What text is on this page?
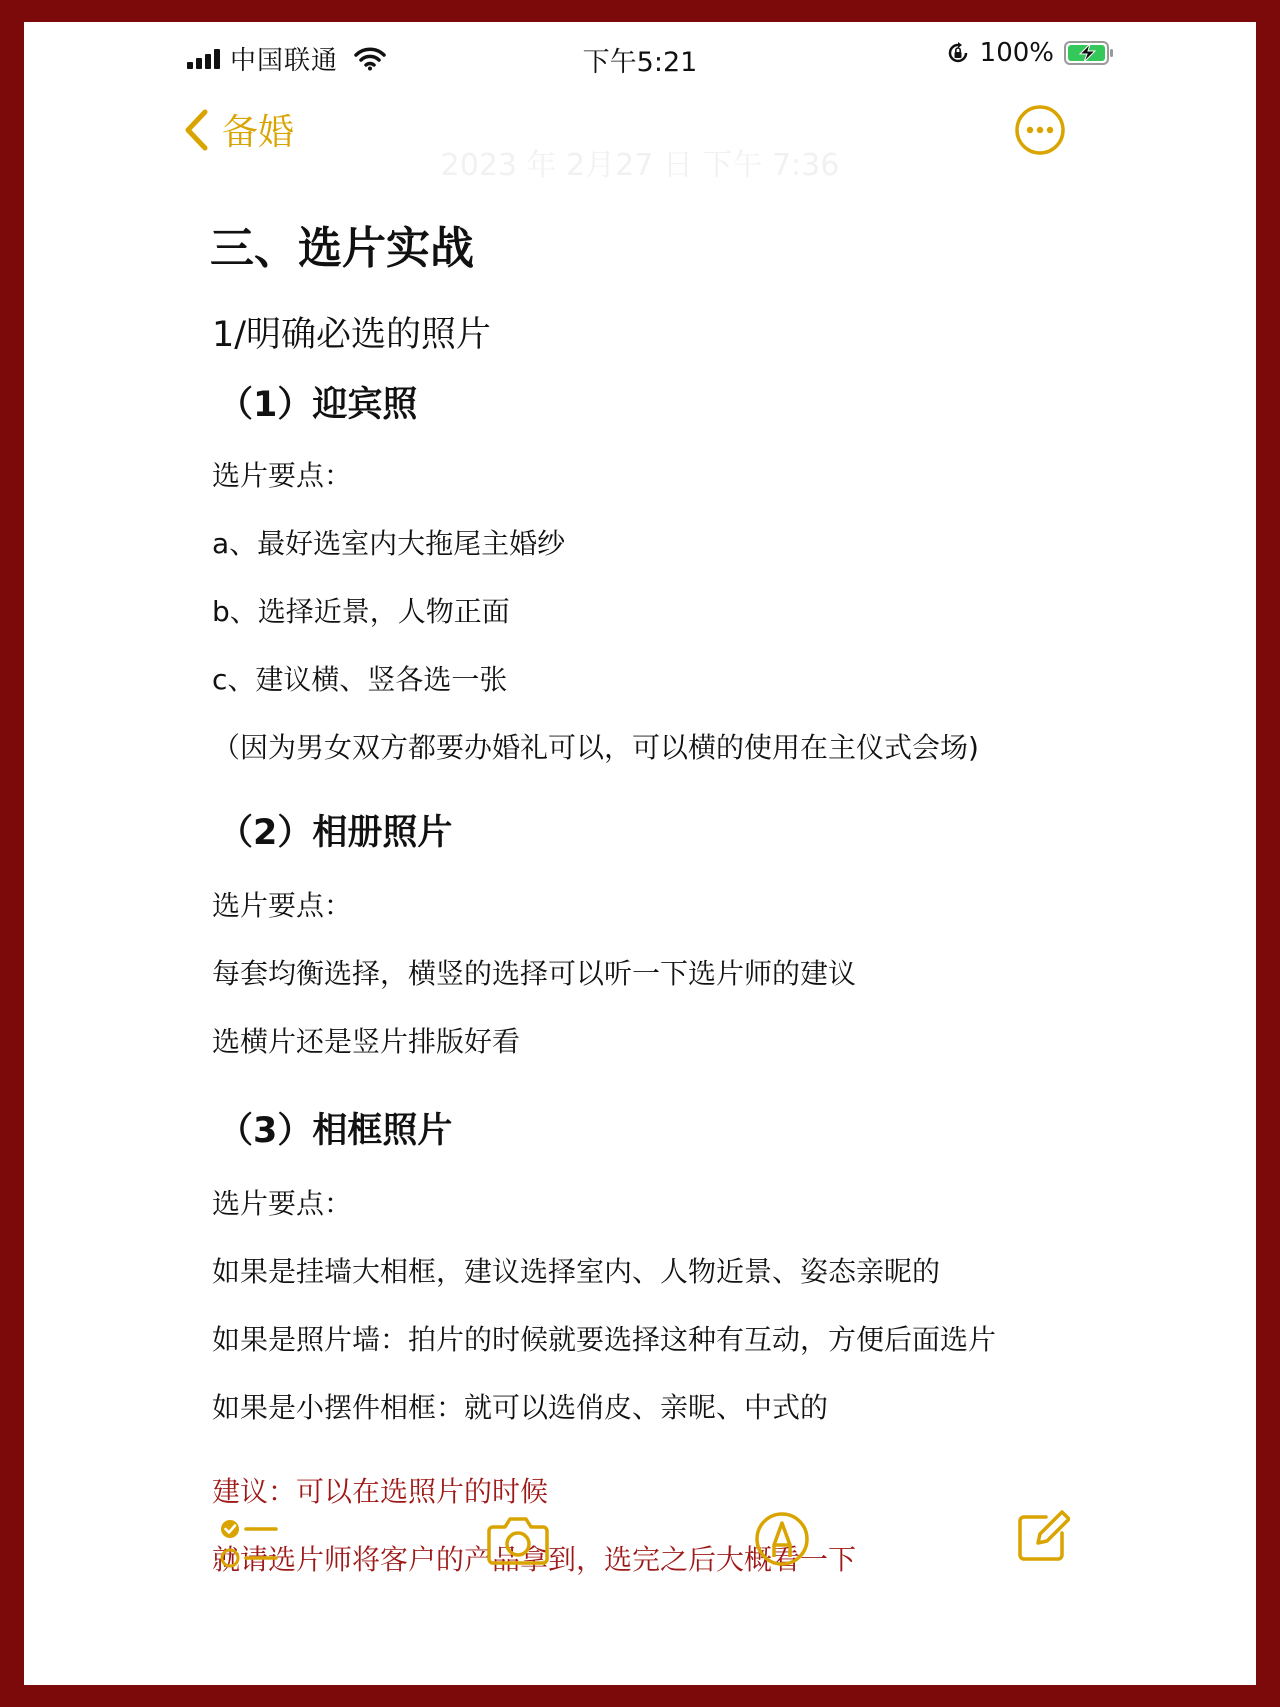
中国联通	下午5:21	100%
备婚
2023 年 2月27 日 下午 7:36
三、选片实战
1/明确必选的照片
（1）迎宾照
选片要点：
a、最好选室内大拖尾主婚纱
b、选择近景，人物正面
c、建议横、竖各选一张
（因为男女双方都要办婚礼可以，可以横的使用在主仪式会场)
（2）相册照片
选片要点：
每套均衡选择，横竖的选择可以听一下选片师的建议
选横片还是竖片排版好看
（3）相框照片
选片要点：
如果是挂墙大相框，建议选择室内、人物近景、姿态亲昵的
如果是照片墙：拍片的时候就要选择这种有互动，方便后面选片
如果是小摆件相框：就可以选俏皮、亲昵、中式的
建议：可以在选照片的时候
就请选片师将客户的产品拿到，选完之后大概看一下
